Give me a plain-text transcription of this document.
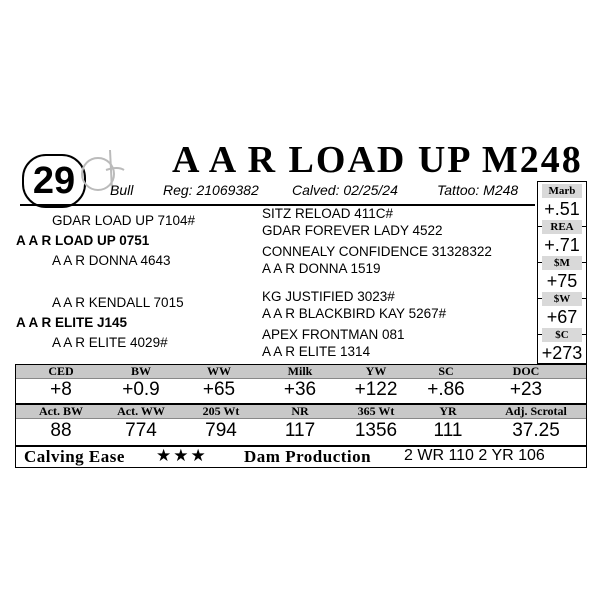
29	A A R LOAD UP M248
Bull Reg: 21069382 Calved: 02/25/24	Tattoo: M248
GDAR LOAD UP 7104#
A A R LOAD UP 0751
A A R DONNA 4643
SITZ RELOAD 411C#
GDAR FOREVER LADY 4522
CONNEALY CONFIDENCE 31328322
A A R DONNA 1519
A A R KENDALL 7015
A A R ELITE J145
A A R ELITE 4029#
KG JUSTIFIED 3023#
A A R BLACKBIRD KAY 5267#
APEX FRONTMAN 081
A A R ELITE 1314
Marb
+.51
REA
+.71
$M
+75
$W
+67
$C
+273
CED	BW	WW	Milk	YW	SC	DOC
+8	+0.9	+65	+36	+122	+.86	+23
Act. BW	Act. WW	205 Wt	NR	365 Wt	YR	Adj. Scrotal
88	774	794	117	1356	111	37.25
Calving Ease ★★★ Dam Production 2 WR 110 2 YR 106
